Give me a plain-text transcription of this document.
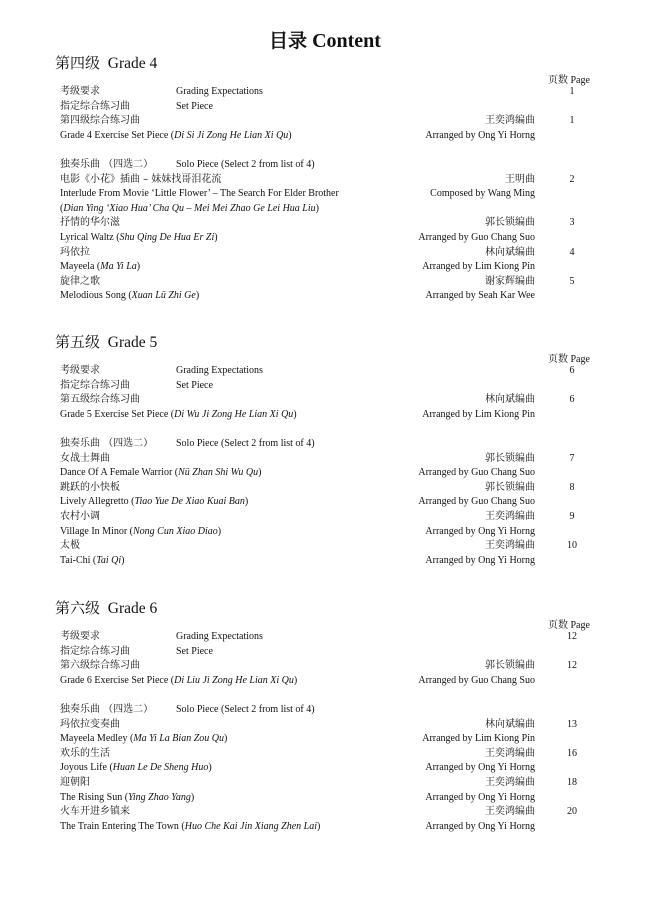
目录 Content
第四级 Grade 4
页数 Page
考级要求	Grading Expectations	1
指定综合练习曲	Set Piece
第四级综合练习曲	王奕鸿编曲	1
Grade 4 Exercise Set Piece (Di Si Ji Zong He Lian Xi Qu)	Arranged by Ong Yi Horng
独奏乐曲 （四选二） Solo Piece (Select 2 from list of 4)
电影《小花》插曲 – 妹妹找哥泪花流	王明曲	2
Interlude From Movie ‘Little Flower’ – The Search For Elder Brother	Composed by Wang Ming
(Dian Ying ‘Xiao Hua’ Cha Qu – Mei Mei Zhao Ge Lei Hua Liu)
抒情的华尔滋	郭长锁编曲	3
Lyrical Waltz (Shu Qing De Hua Er Zi)	Arranged by Guo Chang Suo
玛依拉	林向斌编曲	4
Mayeela (Ma Yi La)	Arranged by Lim Kiong Pin
旋律之歌	谢家辉编曲	5
Melodious Song (Xuan Lü Zhi Ge)	Arranged by Seah Kar Wee
第五级 Grade 5
页数 Page
考级要求	Grading Expectations	6
指定综合练习曲	Set Piece
第五级综合练习曲	林向斌编曲	6
Grade 5 Exercise Set Piece (Di Wu Ji Zong He Lian Xi Qu)	Arranged by Lim Kiong Pin
独奏乐曲 （四选二） Solo Piece (Select 2 from list of 4)
女战士舞曲	郭长锁编曲	7
Dance Of A Female Warrior (Nü Zhan Shi Wu Qu)	Arranged by Guo Chang Suo
跳跃的小快板	郭长锁编曲	8
Lively Allegretto (Tiao Yue De Xiao Kuai Ban)	Arranged by Guo Chang Suo
农村小调	王奕鸿编曲	9
Village In Minor (Nong Cun Xiao Diao)	Arranged by Ong Yi Horng
太极	王奕鸿编曲	10
Tai-Chi (Tai Qi)	Arranged by Ong Yi Horng
第六级 Grade 6
页数 Page
考级要求	Grading Expectations	12
指定综合练习曲	Set Piece
第六级综合练习曲	郭长锁编曲	12
Grade 6 Exercise Set Piece (Di Liu Ji Zong He Lian Xi Qu)	Arranged by Guo Chang Suo
独奏乐曲 （四选二） Solo Piece (Select 2 from list of 4)
玛依拉变奏曲	林向斌编曲	13
Mayeela Medley (Ma Yi La Bian Zou Qu)	Arranged by Lim Kiong Pin
欢乐的生活	王奕鸿编曲	16
Joyous Life (Huan Le De Sheng Huo)	Arranged by Ong Yi Horng
迎朝阳	王奕鸿编曲	18
The Rising Sun (Ying Zhao Yang)	Arranged by Ong Yi Horng
火车开进乡镇来	王奕鸿编曲	20
The Train Entering The Town (Huo Che Kai Jin Xiang Zhen Lai)	Arranged by Ong Yi Horng
